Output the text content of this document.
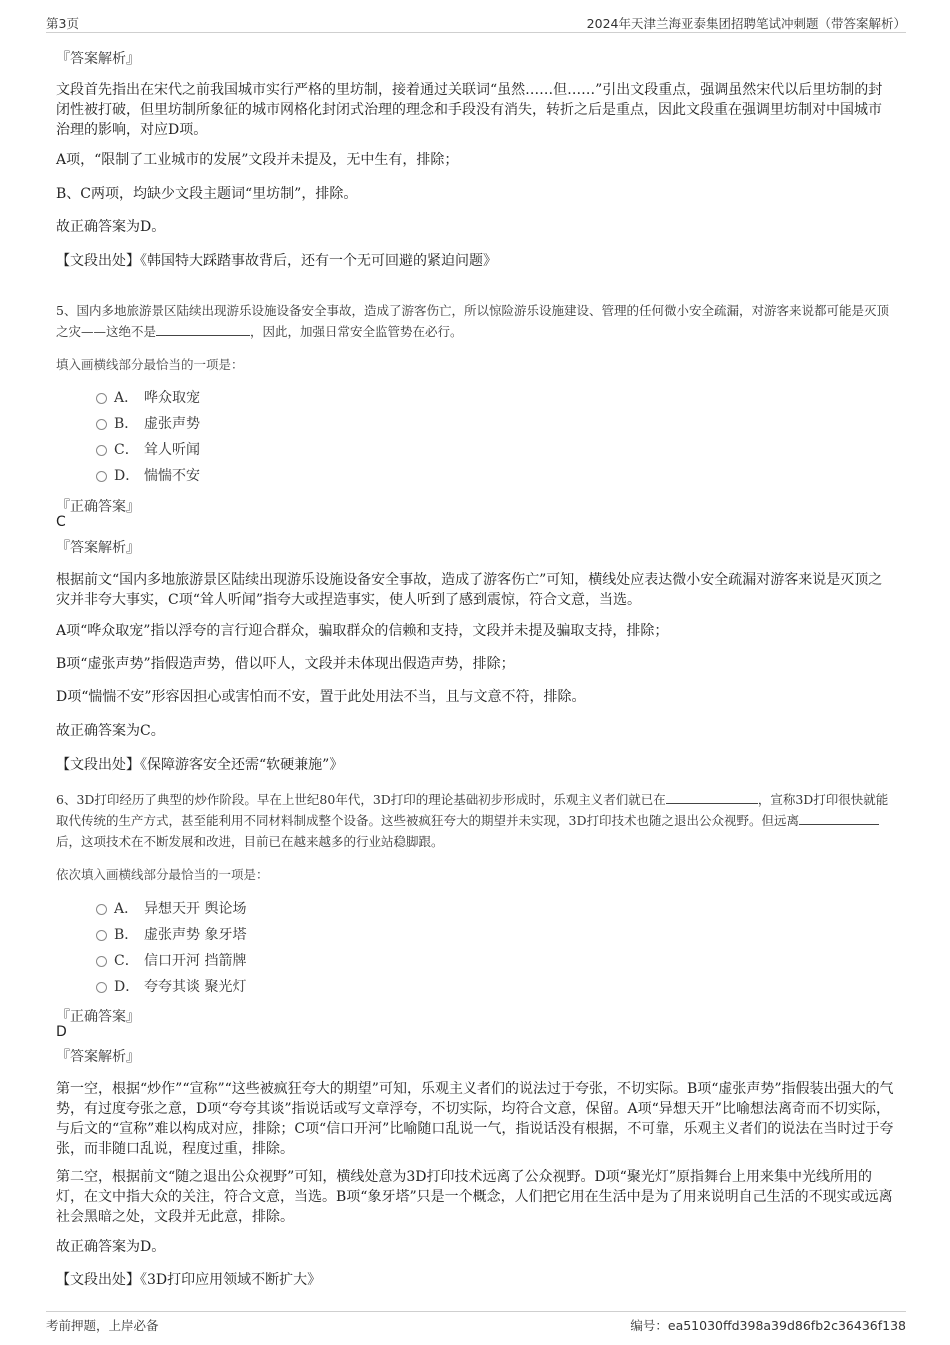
第3页	2024年天津兰海亚泰集团招聘笔试冲刺题（带答案解析）
『答案解析』
文段首先指出在宋代之前我国城市实行严格的里坊制，接着通过关联词“虽然……但……”引出文段重点，强调虽然宋代以后里坊制的封闭性被打破，但里坊制所象征的城市网格化封闭式治理的理念和手段没有消失，转折之后是重点，因此文段重在强调里坊制对中国城市治理的影响，对应D项。
A项，“限制了工业城市的发展”文段并未提及，无中生有，排除；
B、C两项，均缺少文段主题词“里坊制”，排除。
故正确答案为D。
【文段出处】《韩国特大踩踏事故背后，还有一个无可回避的紧迫问题》
5、国内多地旅游景区陆续出现游乐设施设备安全事故，造成了游客伤亡，所以惊险游乐设施建设、管理的任何微小安全疏漏，对游客来说都可能是灭顶之灾——这绝不是	，因此，加强日常安全监管势在必行。
填入画横线部分最恰当的一项是：
A． 哗众取宠
B． 虚张声势
C． 耸人听闻
D． 惴惴不安
『正确答案』
C
『答案解析』
根据前文“国内多地旅游景区陆续出现游乐设施设备安全事故，造成了游客伤亡”可知，横线处应表达微小安全疏漏对游客来说是灭顶之灾并非夸大事实，C项“耸人听闻”指夸大或捏造事实，使人听到了感到震惊，符合文意，当选。
A项“哗众取宠”指以浮夸的言行迎合群众，骗取群众的信赖和支持，文段并未提及骗取支持，排除；
B项“虚张声势”指假造声势，借以吓人，文段并未体现出假造声势，排除；
D项“惴惴不安”形容因担心或害怕而不安，置于此处用法不当，且与文意不符，排除。
故正确答案为C。
【文段出处】《保障游客安全还需“软硬兼施”》
6、3D打印经历了典型的炒作阶段。早在上世纪80年代，3D打印的理论基础初步形成时，乐观主义者们就已在	，宣称3D打印很快就能取代传统的生产方式，甚至能利用不同材料制成整个设备。这些被疯狂夸大的期望并未实现，3D打印技术也随之退出公众视野。但远离后，这项技术在不断发展和改进，目前已在越来越多的行业站稳脚跟。
依次填入画横线部分最恰当的一项是：
A． 异想天开 舆论场
B． 虚张声势 象牙塔
C． 信口开河 挡箭牌
D． 夸夸其谈 聚光灯
『正确答案』
D
『答案解析』
第一空，根据“炒作”“宣称”“这些被疯狂夸大的期望”可知，乐观主义者们的说法过于夸张，不切实际。B项“虚张声势”指假装出强大的气势，有过度夸张之意，D项“夸夸其谈”指说话或写文章浮夸，不切实际，均符合文意，保留。A项“异想天开”比喻想法离奇而不切实际，与后文的“宣称”难以构成对应，排除；C项“信口开河”比喻随口乱说一气，指说话没有根据，不可靠，乐观主义者们的说法在当时过于夸张，而非随口乱说，程度过重，排除。
第二空，根据前文“随之退出公众视野”可知，横线处意为3D打印技术远离了公众视野。D项“聚光灯”原指舞台上用来集中光线所用的灯，在文中指大众的关注，符合文意，当选。B项“象牙塔”只是一个概念，人们把它用在生活中是为了用来说明自己生活的不现实或远离社会黑暗之处，文段并无此意，排除。
故正确答案为D。
【文段出处】《3D打印应用领域不断扩大》
考前押题，上岸必备	编号：ea51030ffd398a39d86fb2c36436f138
